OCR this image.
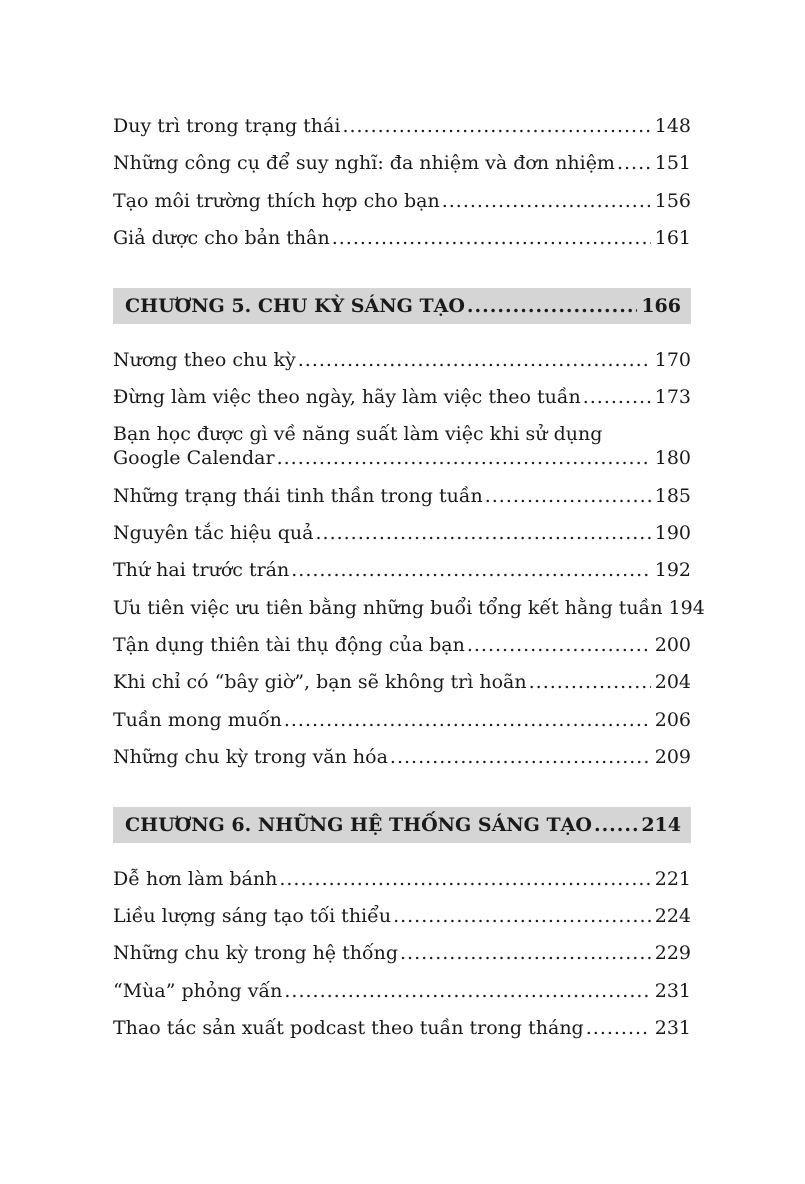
Duy trì trong trạng thái .....	148
Những công cụ để suy nghĩ: đa nhiệm và đơn nhiệm ..... 151
Tạo môi trường thích hợp cho bạn .....	156
Giả dược cho bản thân .....	161
CHƯƠNG 5. CHU KỲ SÁNG TẠO .....	166
Nương theo chu kỳ .....	170
Đừng làm việc theo ngày, hãy làm việc theo tuần .....	173
Bạn học được gì về năng suất làm việc khi sử dụng
Google Calendar .....	180
Những trạng thái tinh thần trong tuần .....	185
Nguyên tắc hiệu quả .....	190
Thứ hai trước trán .....	192
Ưu tiên việc ưu tiên bằng những buổi tổng kết hằng tuần 194
Tận dụng thiên tài thụ động của bạn .....	200
Khi chỉ có “bây giờ”, bạn sẽ không trì hoãn .....	204
Tuần mong muốn .....	206
Những chu kỳ trong văn hóa .....	209
CHƯƠNG 6. NHỮNG HỆ THỐNG SÁNG TẠO .....	214
Dễ hơn làm bánh .....	221
Liều lượng sáng tạo tối thiểu .....	224
Những chu kỳ trong hệ thống .....	229
“Mùa” phỏng vấn .....	231
Thao tác sản xuất podcast theo tuần trong tháng .....	231
